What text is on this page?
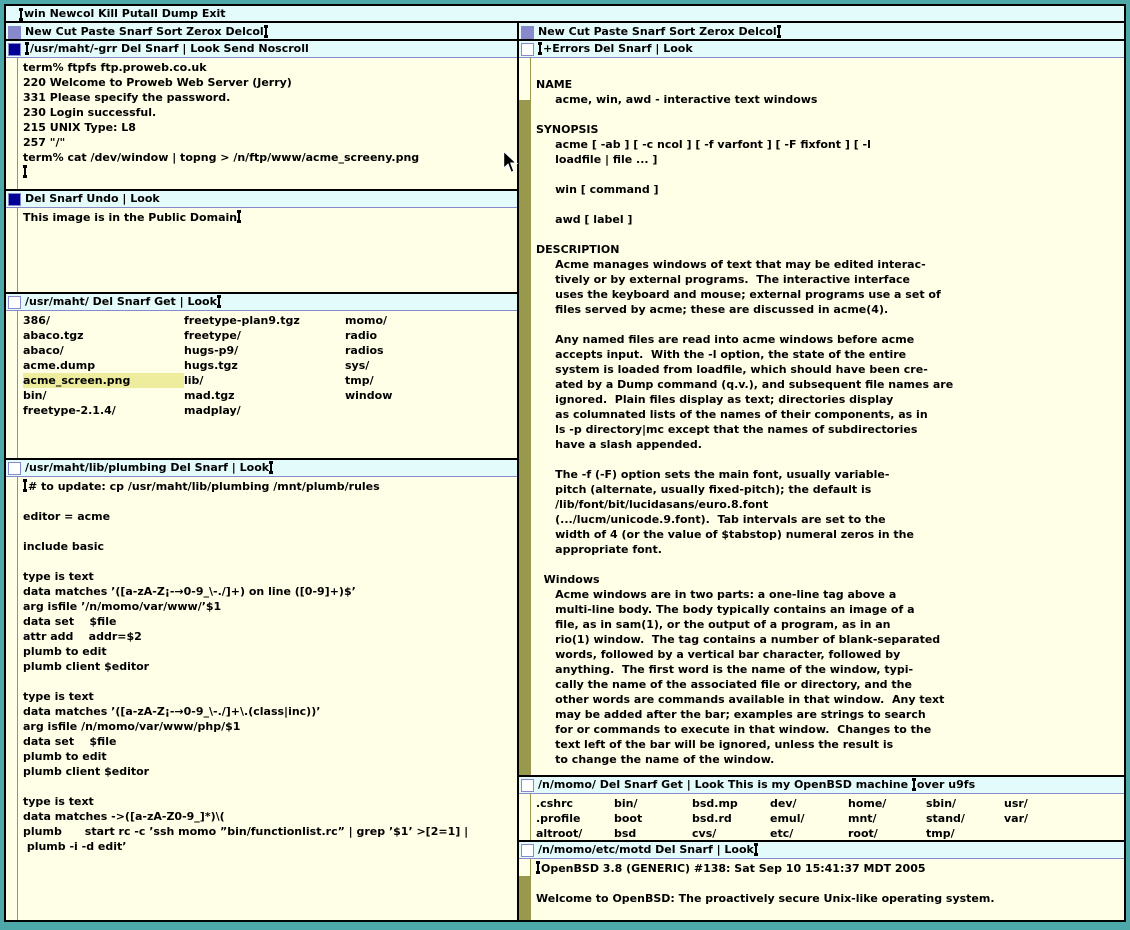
win Newcol Kill Putall Dump Exit
New Cut Paste Snarf Sort Zerox Delcol
/usr/maht/-grr Del Snarf | Look Send Noscroll
term% ftpfs ftp.proweb.co.uk
220 Welcome to Proweb Web Server (Jerry)
331 Please specify the password.
230 Login successful.
215 UNIX Type: L8
257 "/"
term% cat /dev/window | topng > /n/ftp/www/acme_screeny.png
Del Snarf Undo | Look
This image is in the Public Domain
/usr/maht/ Del Snarf Get | Look
386/	freetype-plan9.tgz	momo/
abaco.tgz	freetype/	radio
abaco/	hugs-p9/	radios
acme.dump	hugs.tgz	sys/
acme_screen.png	lib/	tmp/
bin/	mad.tgz	window
freetype-2.1.4/	madplay/
/usr/maht/lib/plumbing Del Snarf | Look
# to update: cp /usr/maht/lib/plumbing /mnt/plumb/rules

editor = acme

include basic

type is text
data matches ’([a-zA-Z¡-→0-9_\-./]+) on line ([0-9]+)$’
arg isfile ’/n/momo/var/www/’$1
data set    $file
attr add    addr=$2
plumb to edit
plumb client $editor

type is text
data matches ’([a-zA-Z¡-→0-9_\-./]+\.(class|inc))’
arg isfile /n/momo/var/www/php/$1
data set    $file
plumb to edit
plumb client $editor

type is text
data matches ->([a-zA-Z0-9_]*)\(
plumb      start rc -c ’ssh momo ”bin/functionlist.rc” | grep ’$1’ >[2=1] |
plumb -i -d edit’
New Cut Paste Snarf Sort Zerox Delcol
+Errors Del Snarf | Look

NAME
acme, win, awd - interactive text windows

SYNOPSIS
acme [ -ab ] [ -c ncol ] [ -f varfont ] [ -F fixfont ] [ -l
loadfile | file ... ]

win [ command ]

awd [ label ]

DESCRIPTION
Acme manages windows of text that may be edited interac-
tively or by external programs.  The interactive interface
uses the keyboard and mouse; external programs use a set of
files served by acme; these are discussed in acme(4).

Any named files are read into acme windows before acme
accepts input.  With the -l option, the state of the entire
system is loaded from loadfile, which should have been cre-
ated by a Dump command (q.v.), and subsequent file names are
ignored.  Plain files display as text; directories display
as columnated lists of the names of their components, as in
ls -p directory|mc except that the names of subdirectories
have a slash appended.

The -f (-F) option sets the main font, usually variable-
pitch (alternate, usually fixed-pitch); the default is
/lib/font/bit/lucidasans/euro.8.font
(.../lucm/unicode.9.font).  Tab intervals are set to the
width of 4 (or the value of $tabstop) numeral zeros in the
appropriate font.

Windows
Acme windows are in two parts: a one-line tag above a
multi-line body. The body typically contains an image of a
file, as in sam(1), or the output of a program, as in an
rio(1) window.  The tag contains a number of blank-separated
words, followed by a vertical bar character, followed by
anything.  The first word is the name of the window, typi-
cally the name of the associated file or directory, and the
other words are commands available in that window.  Any text
may be added after the bar; examples are strings to search
for or commands to execute in that window.  Changes to the
text left of the bar will be ignored, unless the result is
to change the name of the window.
/n/momo/ Del Snarf Get | Look This is my OpenBSD machine over u9fs
.cshrc	bin/	bsd.mp	dev/	home/	sbin/	usr/
.profile	boot	bsd.rd	emul/	mnt/	stand/	var/
altroot/	bsd	cvs/	etc/	root/	tmp/
/n/momo/etc/motd Del Snarf | Look
OpenBSD 3.8 (GENERIC) #138: Sat Sep 10 15:41:37 MDT 2005

Welcome to OpenBSD: The proactively secure Unix-like operating system.
